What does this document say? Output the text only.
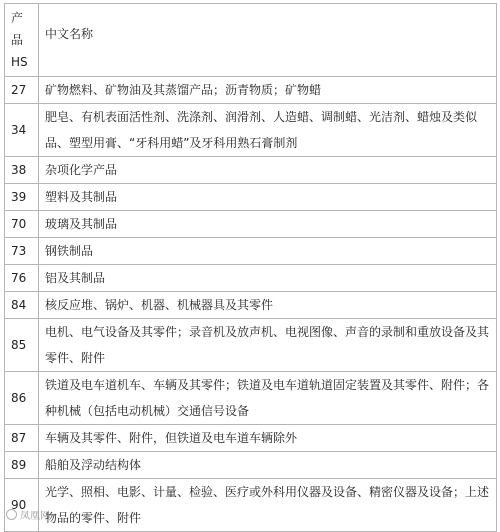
产品
HS	中文名称
27	矿物燃料、矿物油及其蒸馏产品；沥青物质；矿物蜡
34	肥皂、有机表面活性剂、洗涤剂、润滑剂、人造蜡、调制蜡、光洁剂、蜡烛及类似品、塑型用膏、“牙科用蜡”及牙科用熟石膏制剂

38	杂项化学产品
39	塑料及其制品
70	玻璃及其制品
73	钢铁制品
76	铝及其制品
84	核反应堆、锅炉、机器、机械器具及其零件
85	电机、电气设备及其零件；录音机及放声机、电视图像、声音的录制和重放设备及其零件、附件

86	铁道及电车道机车、车辆及其零件；铁道及电车道轨道固定装置及其零件、附件；各种机械（包括电动机械）交通信号设备

87	车辆及其零件、附件，但铁道及电车道车辆除外
89	船舶及浮动结构体
90	光学、照相、电影、计量、检验、医疗或外科用仪器及设备、精密仪器及设备；上述物品的零件、附件
凤凰网
